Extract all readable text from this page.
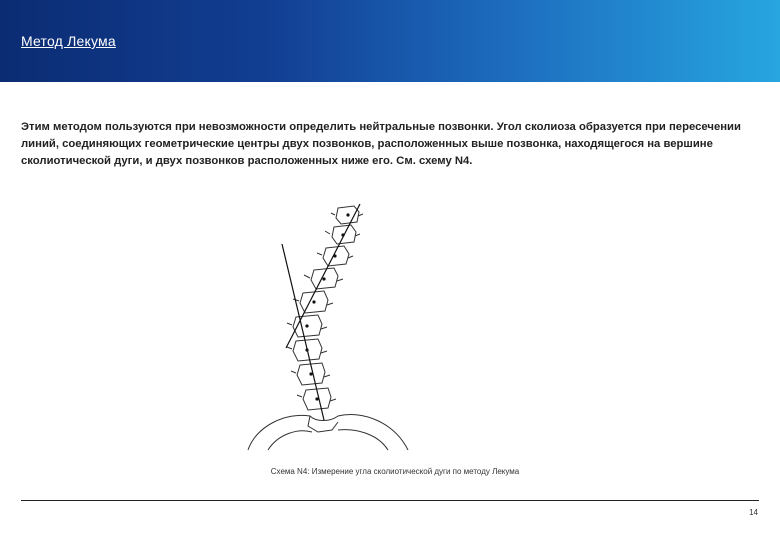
Метод Лекума

Этим методом пользуются при невозможности определить нейтральные позвонки. Угол сколиоза образуется при пересечении линий, соединяющих геометрические центры двух позвонков, расположенных выше позвонка, находящегося на вершине сколиотической дуги, и двух позвонков расположенных ниже его. См. схему N4.

Схема N4: Измерение угла сколиотической дуги по методу Лекума

14
